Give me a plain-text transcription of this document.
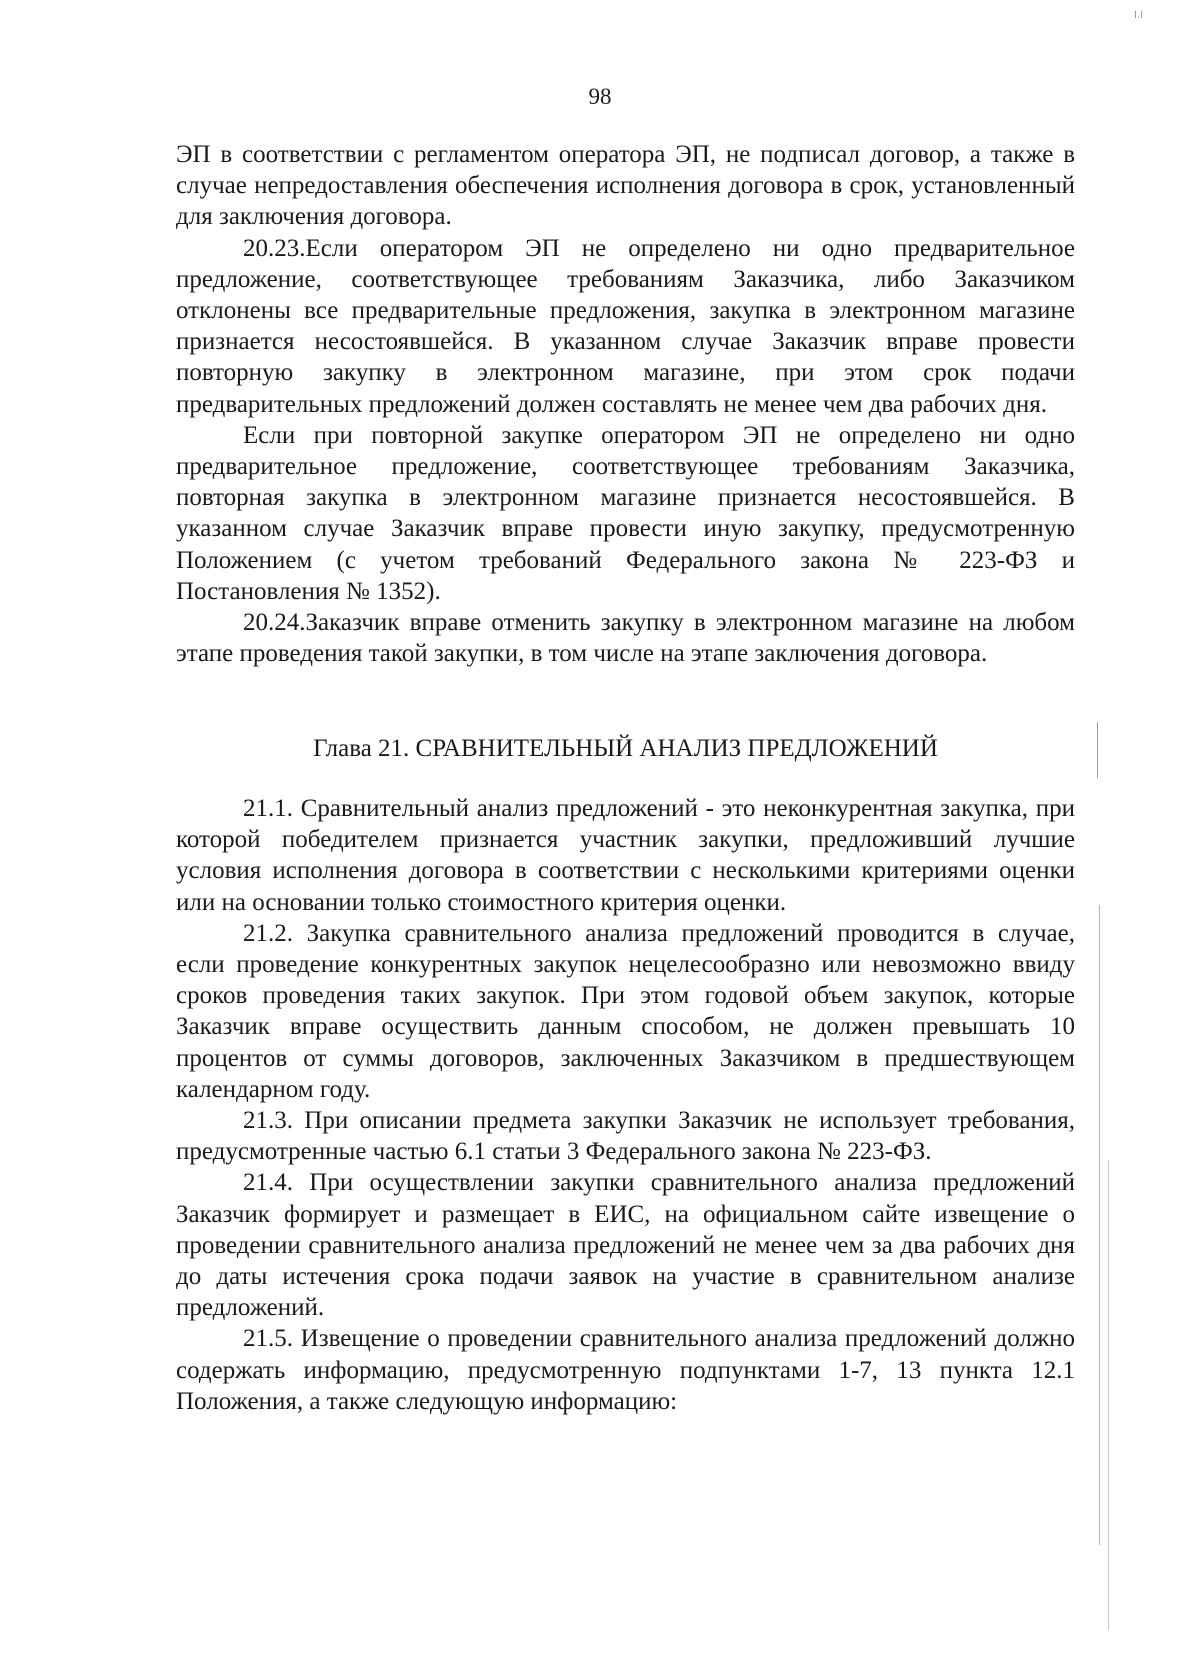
I.I
98

ЭП в соответствии с регламентом оператора ЭП, не подписал договор, а также в случае непредоставления обеспечения исполнения договора в срок, установленный для заключения договора.

20.23.Если оператором ЭП не определено ни одно предварительное предложение, соответствующее требованиям Заказчика, либо Заказчиком отклонены все предварительные предложения, закупка в электронном магазине признается несостоявшейся. В указанном случае Заказчик вправе провести повторную закупку в электронном магазине, при этом срок подачи предварительных предложений должен составлять не менее чем два рабочих дня.

Если при повторной закупке оператором ЭП не определено ни одно предварительное предложение, соответствующее требованиям Заказчика, повторная закупка в электронном магазине признается несостоявшейся. В указанном случае Заказчик вправе провести иную закупку, предусмотренную Положением (с учетом требований Федерального закона № 223-ФЗ и Постановления № 1352).

20.24.Заказчик вправе отменить закупку в электронном магазине на любом этапе проведения такой закупки, в том числе на этапе заключения договора.

Глава 21. СРАВНИТЕЛЬНЫЙ АНАЛИЗ ПРЕДЛОЖЕНИЙ

21.1. Сравнительный анализ предложений - это неконкурентная закупка, при которой победителем признается участник закупки, предложивший лучшие условия исполнения договора в соответствии с несколькими критериями оценки или на основании только стоимостного критерия оценки.

21.2. Закупка сравнительного анализа предложений проводится в случае, если проведение конкурентных закупок нецелесообразно или невозможно ввиду сроков проведения таких закупок. При этом годовой объем закупок, которые Заказчик вправе осуществить данным способом, не должен превышать 10 процентов от суммы договоров, заключенных Заказчиком в предшествующем календарном году.

21.3. При описании предмета закупки Заказчик не использует требования, предусмотренные частью 6.1 статьи 3 Федерального закона № 223-ФЗ.

21.4. При осуществлении закупки сравнительного анализа предложений Заказчик формирует и размещает в ЕИС, на официальном сайте извещение о проведении сравнительного анализа предложений не менее чем за два рабочих дня до даты истечения срока подачи заявок на участие в сравнительном анализе предложений.

21.5. Извещение о проведении сравнительного анализа предложений должно содержать информацию, предусмотренную подпунктами 1-7, 13 пункта 12.1 Положения, а также следующую информацию:
